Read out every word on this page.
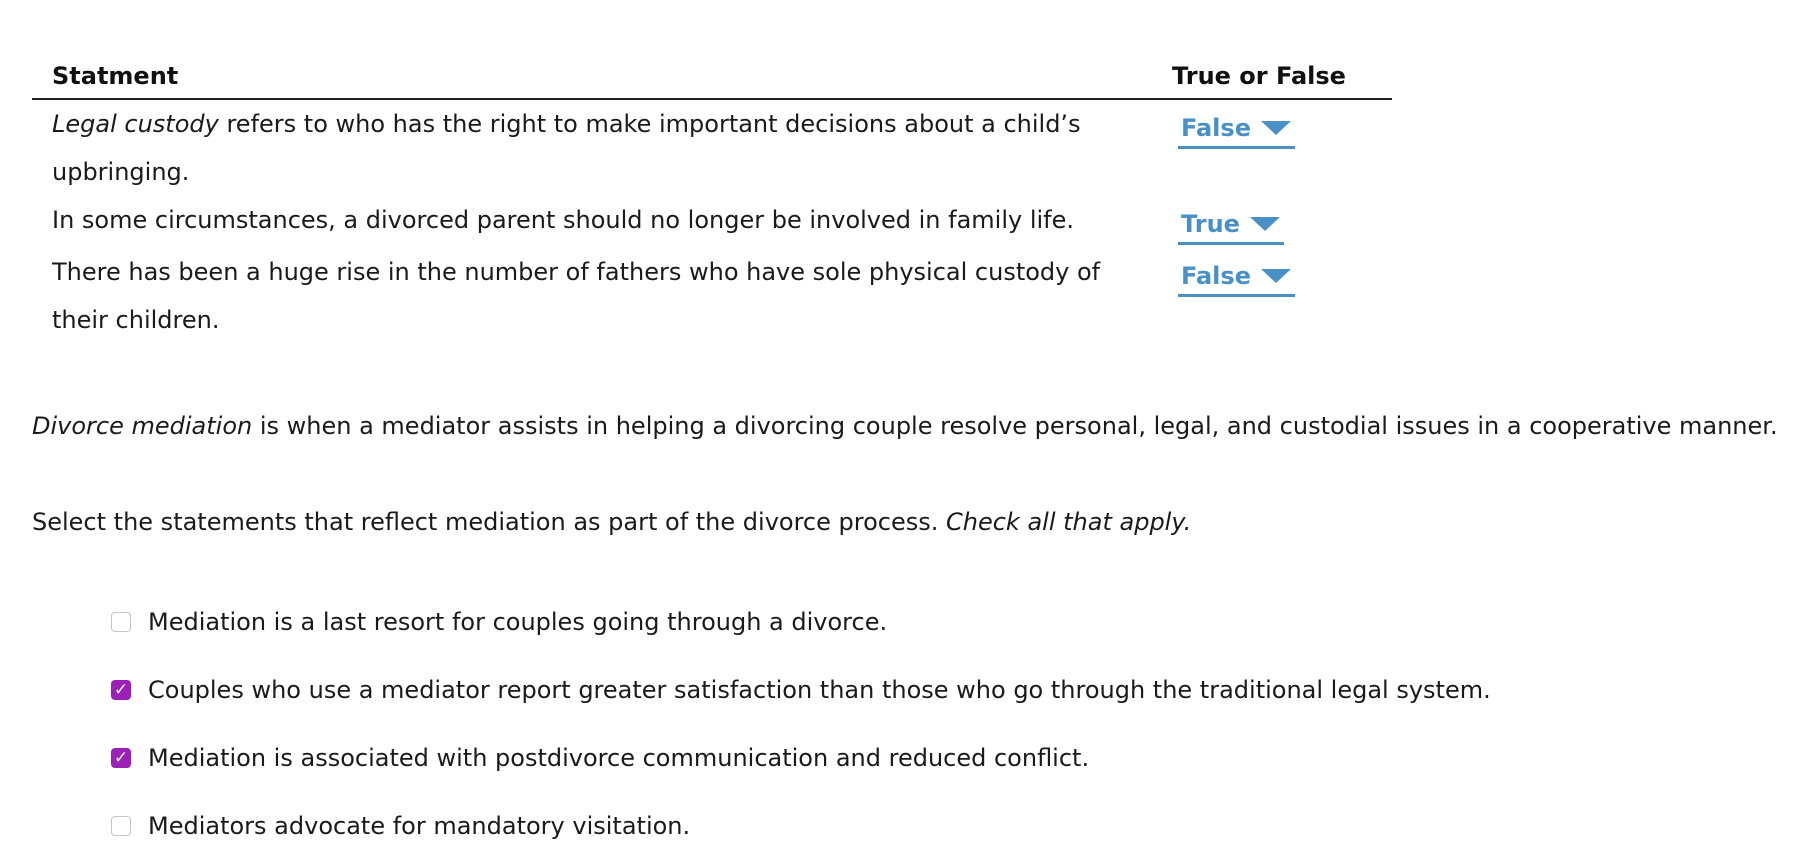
Statment	True or False

Legal custody refers to who has the right to make important decisions about a child’s
upbringing.	False

In some circumstances, a divorced parent should no longer be involved in family life.	True

There has been a huge rise in the number of fathers who have sole physical custody of
their children.	False
Divorce mediation is when a mediator assists in helping a divorcing couple resolve personal, legal, and custodial issues in a cooperative manner.
Select the statements that reflect mediation as part of the divorce process. Check all that apply.
Mediation is a last resort for couples going through a divorce.
✓ Couples who use a mediator report greater satisfaction than those who go through the traditional legal system.
✓ Mediation is associated with postdivorce communication and reduced conflict.
Mediators advocate for mandatory visitation.
